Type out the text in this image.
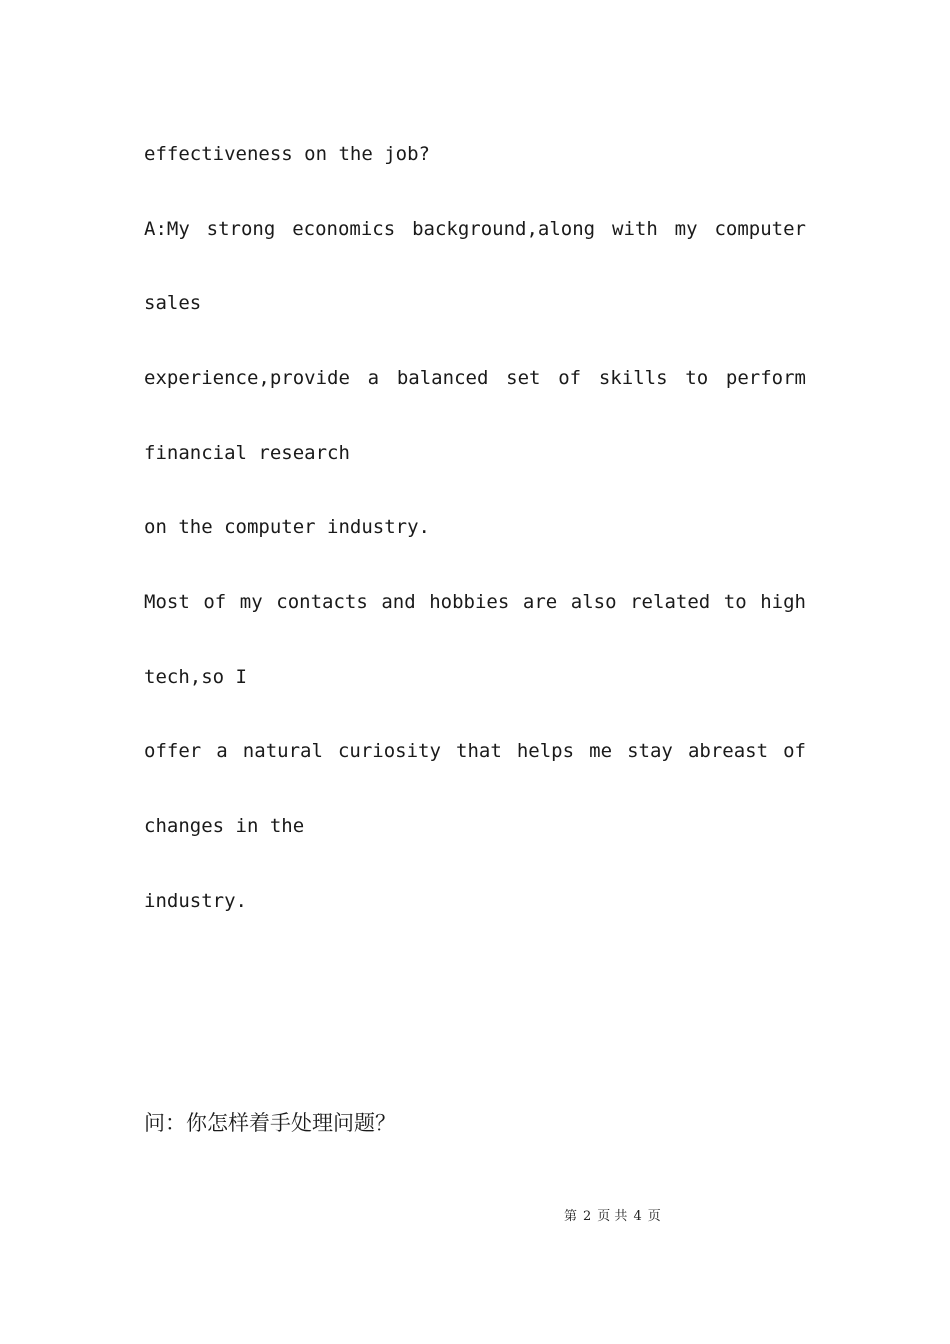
effectiveness on the job?
A:My strong economics background,along with my computer
sales
experience,provide a balanced set of skills to perform
financial research
on the computer industry.
Most of my contacts and hobbies are also related to high
tech,so I
offer a natural curiosity that helps me stay abreast of
changes in the
industry.
问：你怎样着手处理问题？
第 2 页 共 4 页
